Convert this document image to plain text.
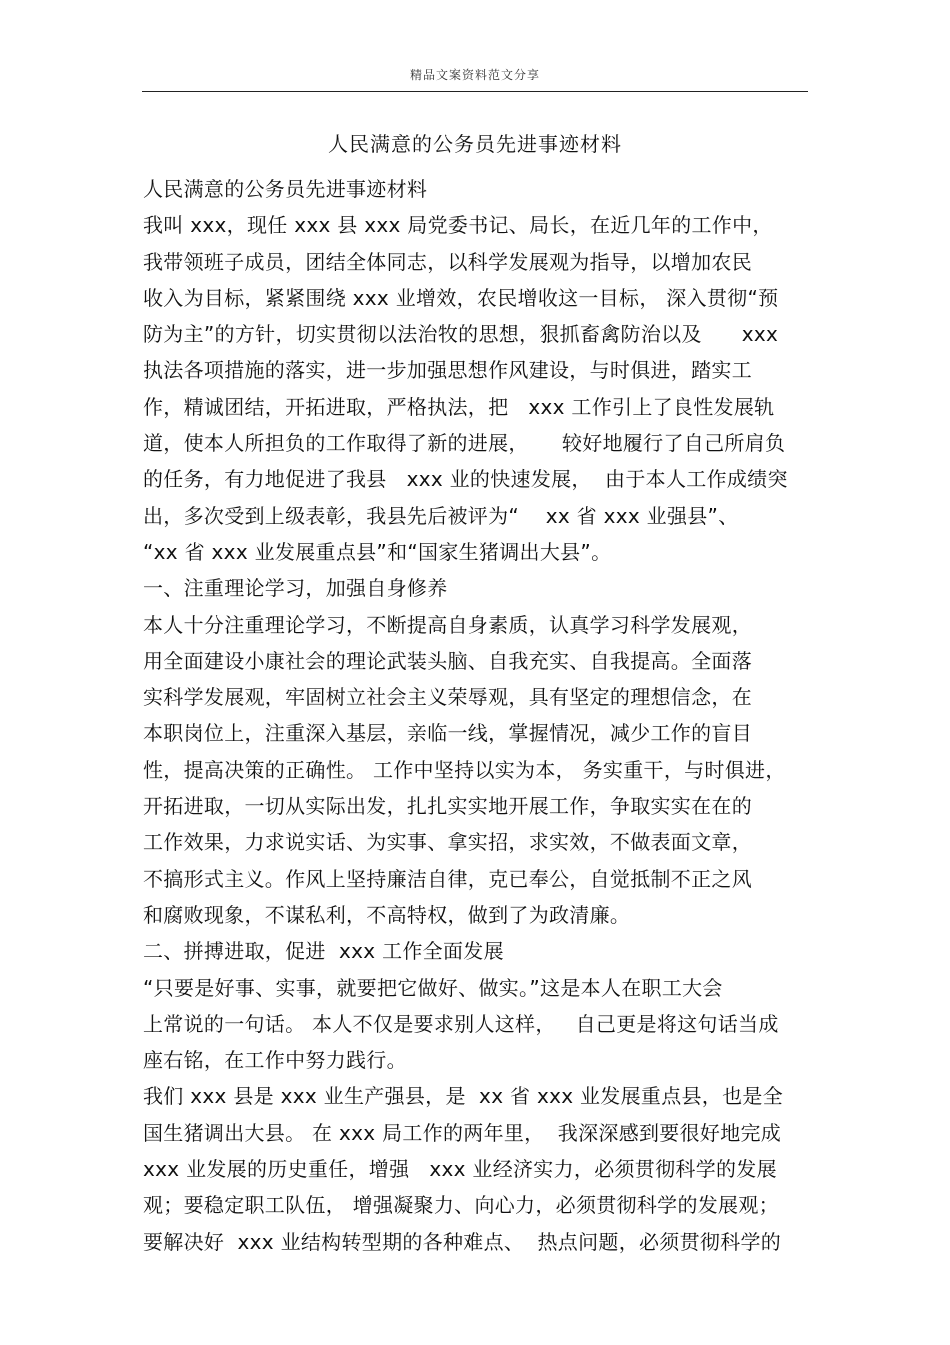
精品文案资料范文分享
人民满意的公务员先进事迹材料
人民满意的公务员先进事迹材料
我叫 xxx，现任 xxx 县 xxx 局党委书记、局长，在近几年的工作中，
我带领班子成员，团结全体同志，以科学发展观为指导，以增加农民
收入为目标，紧紧围绕 xxx 业增效，农民增收这一目标， 深入贯彻“预
防为主”的方针，切实贯彻以法治牧的思想，狠抓畜禽防治以及      xxx
执法各项措施的落实，进一步加强思想作风建设，与时俱进，踏实工
作，精诚团结，开拓进取，严格执法，把   xxx 工作引上了良性发展轨
道，使本人所担负的工作取得了新的进展，     较好地履行了自己所肩负
的任务，有力地促进了我县   xxx 业的快速发展，  由于本人工作成绩突
出，多次受到上级表彰，我县先后被评为“    xx 省 xxx 业强县”、
“xx 省 xxx 业发展重点县”和“国家生猪调出大县”。
一、注重理论学习，加强自身修养
本人十分注重理论学习，不断提高自身素质，认真学习科学发展观，
用全面建设小康社会的理论武装头脑、自我充实、自我提高。全面落
实科学发展观，牢固树立社会主义荣辱观，具有坚定的理想信念，在
本职岗位上，注重深入基层，亲临一线，掌握情况，减少工作的盲目
性，提高决策的正确性。 工作中坚持以实为本， 务实重干，与时俱进，
开拓进取，一切从实际出发，扎扎实实地开展工作，争取实实在在的
工作效果，力求说实话、为实事、拿实招，求实效，不做表面文章，
不搞形式主义。作风上坚持廉洁自律，克已奉公，自觉抵制不正之风
和腐败现象，不谋私利，不高特权，做到了为政清廉。
二、拼搏进取，促进  xxx 工作全面发展
“只要是好事、实事，就要把它做好、做实。”这是本人在职工大会
上常说的一句话。 本人不仅是要求别人这样，   自己更是将这句话当成
座右铭，在工作中努力践行。
我们 xxx 县是 xxx 业生产强县，是  xx 省 xxx 业发展重点县，也是全
国生猪调出大县。 在 xxx 局工作的两年里，  我深深感到要很好地完成
xxx 业发展的历史重任，增强   xxx 业经济实力，必须贯彻科学的发展
观；要稳定职工队伍， 增强凝聚力、向心力，必须贯彻科学的发展观；
要解决好  xxx 业结构转型期的各种难点、  热点问题，必须贯彻科学的
